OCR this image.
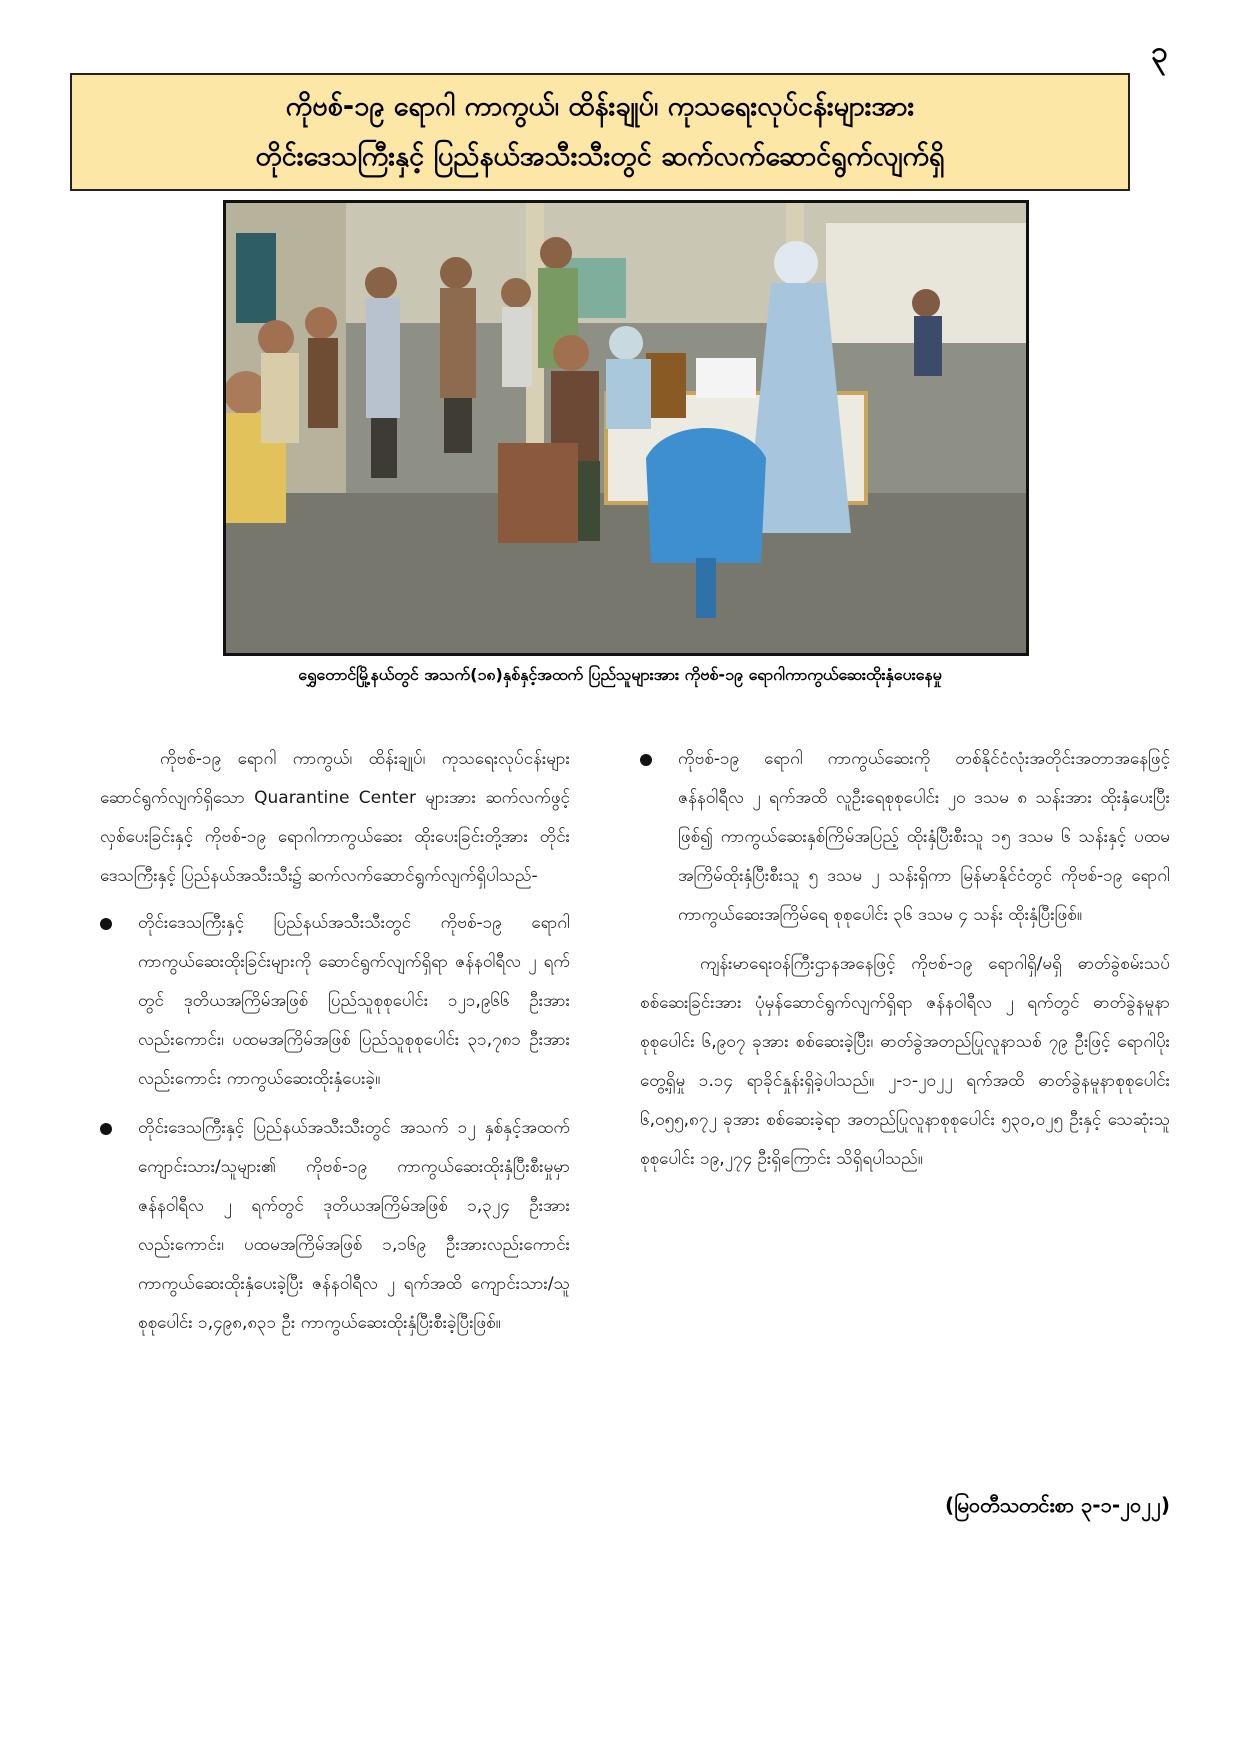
၃
ကိုဗစ်-၁၉ ရောဂါ ကာကွယ်၊ ထိန်းချုပ်၊ ကုသရေးလုပ်ငန်းများအား
တိုင်းဒေသကြီးနှင့် ပြည်နယ်အသီးသီးတွင် ဆက်လက်ဆောင်ရွက်လျက်ရှိ
ရွှေတောင်မြို့နယ်တွင် အသက်(၁၈)နှစ်နှင့်အထက် ပြည်သူများအား ကိုဗစ်-၁၉ ရောဂါကာကွယ်ဆေးထိုးနှံပေးနေမှု

ကိုဗစ်-၁၉ ရောဂါ ကာကွယ်၊ ထိန်းချုပ်၊ ကုသရေးလုပ်ငန်းများဆောင်ရွက်လျက်ရှိသော Quarantine Center များအား ဆက်လက်ဖွင့်လှစ်ပေးခြင်းနှင့် ကိုဗစ်-၁၉ ရောဂါကာကွယ်ဆေး ထိုးပေးခြင်းတို့အား တိုင်းဒေသကြီးနှင့် ပြည်နယ်အသီးသီး၌ ဆက်လက်ဆောင်ရွက်လျက်ရှိပါသည်-

တိုင်းဒေသကြီးနှင့် ပြည်နယ်အသီးသီးတွင် ကိုဗစ်-၁၉ ရောဂါ ကာကွယ်ဆေးထိုးခြင်းများကို ဆောင်ရွက်လျက်ရှိရာ ဇန်နဝါရီလ ၂ ရက်တွင် ဒုတိယအကြိမ်အဖြစ် ပြည်သူစုစုပေါင်း ၁၂၁,၉၆၆ ဦးအားလည်းကောင်း၊ ပထမအကြိမ်အဖြစ် ပြည်သူစုစုပေါင်း ၃၁,၇၈၁ ဦးအားလည်းကောင်း ကာကွယ်ဆေးထိုးနှံပေးခဲ့။
တိုင်းဒေသကြီးနှင့် ပြည်နယ်အသီးသီးတွင် အသက် ၁၂ နှစ်နှင့်အထက် ကျောင်းသား/သူများ၏ ကိုဗစ်-၁၉ ကာကွယ်ဆေးထိုးနှံပြီးစီးမှုမှာ ဇန်နဝါရီလ ၂ ရက်တွင် ဒုတိယအကြိမ်အဖြစ် ၁,၃၂၄ ဦးအားလည်းကောင်း၊ ပထမအကြိမ်အဖြစ် ၁,၁၆၉ ဦးအားလည်းကောင်း ကာကွယ်ဆေးထိုးနှံပေးခဲ့ပြီး ဇန်နဝါရီလ ၂ ရက်အထိ ကျောင်းသား/သူစုစုပေါင်း ၁,၄၉၈,၈၃၁ ဦး ကာကွယ်ဆေးထိုးနှံပြီးစီးခဲ့ပြီးဖြစ်။
ကိုဗစ်-၁၉ ရောဂါ ကာကွယ်ဆေးကို တစ်နိုင်ငံလုံးအတိုင်းအတာအနေဖြင့် ဇန်နဝါရီလ ၂ ရက်အထိ လူဦးရေစုစုပေါင်း ၂၀ ဒသမ ၈ သန်းအား ထိုးနှံပေးပြီးဖြစ်၍ ကာကွယ်ဆေးနှစ်ကြိမ်အပြည့် ထိုးနှံပြီးစီးသူ ၁၅ ဒသမ ၆ သန်းနှင့် ပထမအကြိမ်ထိုးနှံပြီးစီးသူ ၅ ဒသမ ၂ သန်းရှိကာ မြန်မာနိုင်ငံတွင် ကိုဗစ်-၁၉ ရောဂါ ကာကွယ်ဆေးအကြိမ်ရေ စုစုပေါင်း ၃၆ ဒသမ ၄ သန်း ထိုးနှံပြီးဖြစ်။

ကျန်းမာရေးဝန်ကြီးဌာနအနေဖြင့် ကိုဗစ်-၁၉ ရောဂါရှိ/မရှိ ဓာတ်ခွဲစမ်းသပ်စစ်ဆေးခြင်းအား ပုံမှန်ဆောင်ရွက်လျက်ရှိရာ ဇန်နဝါရီလ ၂ ရက်တွင် ဓာတ်ခွဲနမူနာ စုစုပေါင်း ၆,၉၀၇ ခုအား စစ်ဆေးခဲ့ပြီး၊ ဓာတ်ခွဲအတည်ပြုလူနာသစ် ၇၉ ဦးဖြင့် ရောဂါပိုးတွေ့ရှိမှု ၁.၁၄ ရာခိုင်နှုန်းရှိခဲ့ပါသည်။ ၂-၁-၂၀၂၂ ရက်အထိ ဓာတ်ခွဲနမူနာစုစုပေါင်း ၆,၀၅၅,၈၇၂ ခုအား စစ်ဆေးခဲ့ရာ အတည်ပြုလူနာစုစုပေါင်း ၅၃၀,၀၂၅ ဦးနှင့် သေဆုံးသူ စုစုပေါင်း ၁၉,၂၇၄ ဦးရှိကြောင်း သိရှိရပါသည်။

(မြဝတီသတင်းစာ ၃-၁-၂၀၂၂)
